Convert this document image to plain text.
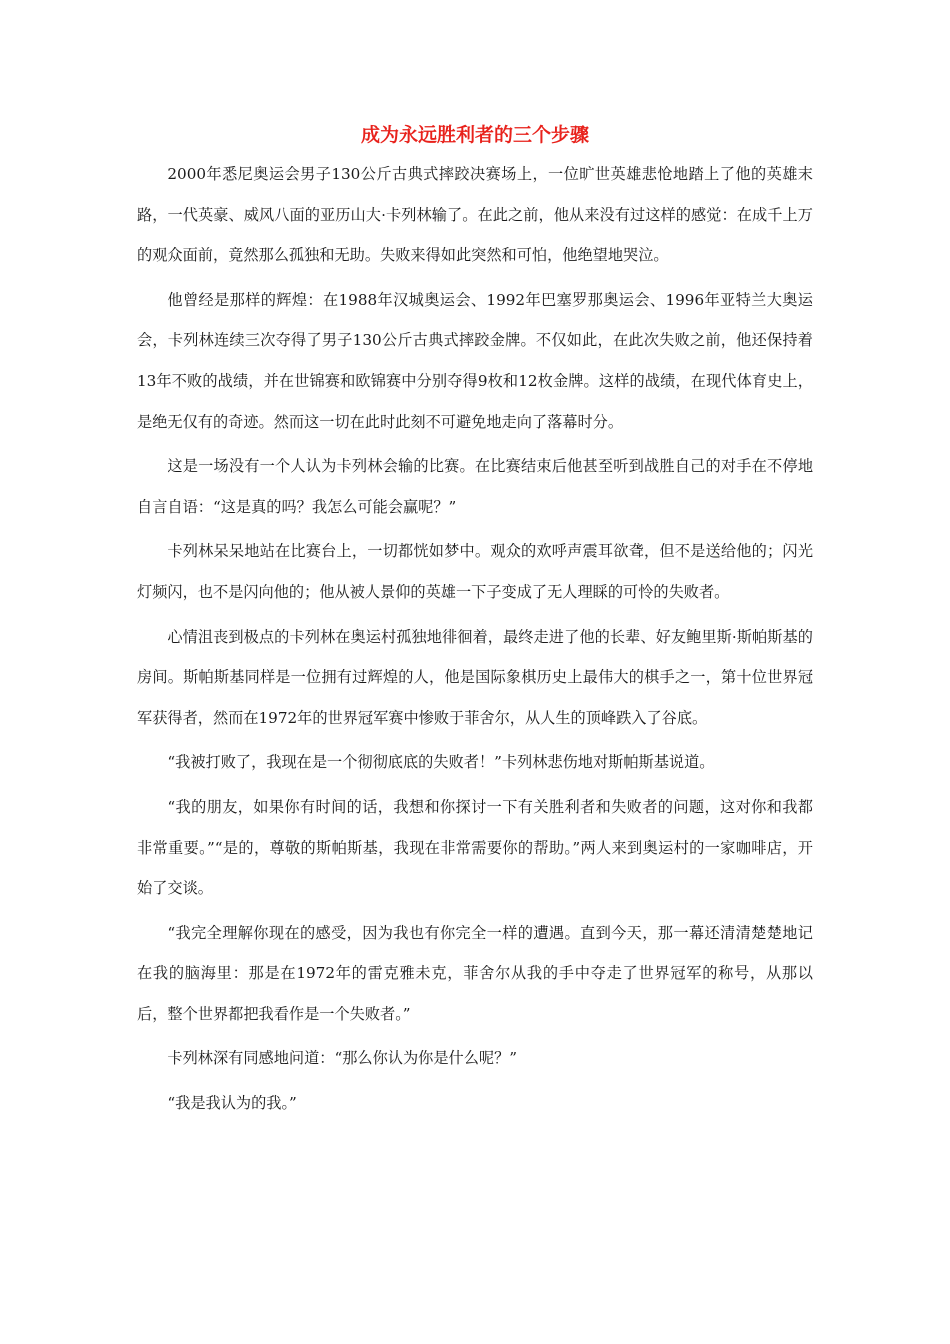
成为永远胜利者的三个步骤

2000年悉尼奥运会男子130公斤古典式摔跤决赛场上，一位旷世英雄悲怆地踏上了他的英雄末路，一代英豪、威风八面的亚历山大·卡列林输了。在此之前，他从来没有过这样的感觉：在成千上万的观众面前，竟然那么孤独和无助。失败来得如此突然和可怕，他绝望地哭泣。

他曾经是那样的辉煌：在1988年汉城奥运会、1992年巴塞罗那奥运会、1996年亚特兰大奥运会，卡列林连续三次夺得了男子130公斤古典式摔跤金牌。不仅如此，在此次失败之前，他还保持着13年不败的战绩，并在世锦赛和欧锦赛中分别夺得9枚和12枚金牌。这样的战绩，在现代体育史上，是绝无仅有的奇迹。然而这一切在此时此刻不可避免地走向了落幕时分。

这是一场没有一个人认为卡列林会输的比赛。在比赛结束后他甚至听到战胜自己的对手在不停地自言自语：“这是真的吗？我怎么可能会赢呢？”

卡列林呆呆地站在比赛台上，一切都恍如梦中。观众的欢呼声震耳欲聋，但不是送给他的；闪光灯频闪，也不是闪向他的；他从被人景仰的英雄一下子变成了无人理睬的可怜的失败者。

心情沮丧到极点的卡列林在奥运村孤独地徘徊着，最终走进了他的长辈、好友鲍里斯·斯帕斯基的房间。斯帕斯基同样是一位拥有过辉煌的人，他是国际象棋历史上最伟大的棋手之一，第十位世界冠军获得者，然而在1972年的世界冠军赛中惨败于菲舍尔，从人生的顶峰跌入了谷底。

“我被打败了，我现在是一个彻彻底底的失败者！”卡列林悲伤地对斯帕斯基说道。

“我的朋友，如果你有时间的话，我想和你探讨一下有关胜利者和失败者的问题，这对你和我都非常重要。”“是的，尊敬的斯帕斯基，我现在非常需要你的帮助。”两人来到奥运村的一家咖啡店，开始了交谈。

“我完全理解你现在的感受，因为我也有你完全一样的遭遇。直到今天，那一幕还清清楚楚地记在我的脑海里：那是在1972年的雷克雅未克，菲舍尔从我的手中夺走了世界冠军的称号，从那以后，整个世界都把我看作是一个失败者。”

卡列林深有同感地问道：“那么你认为你是什么呢？”

“我是我认为的我。”
